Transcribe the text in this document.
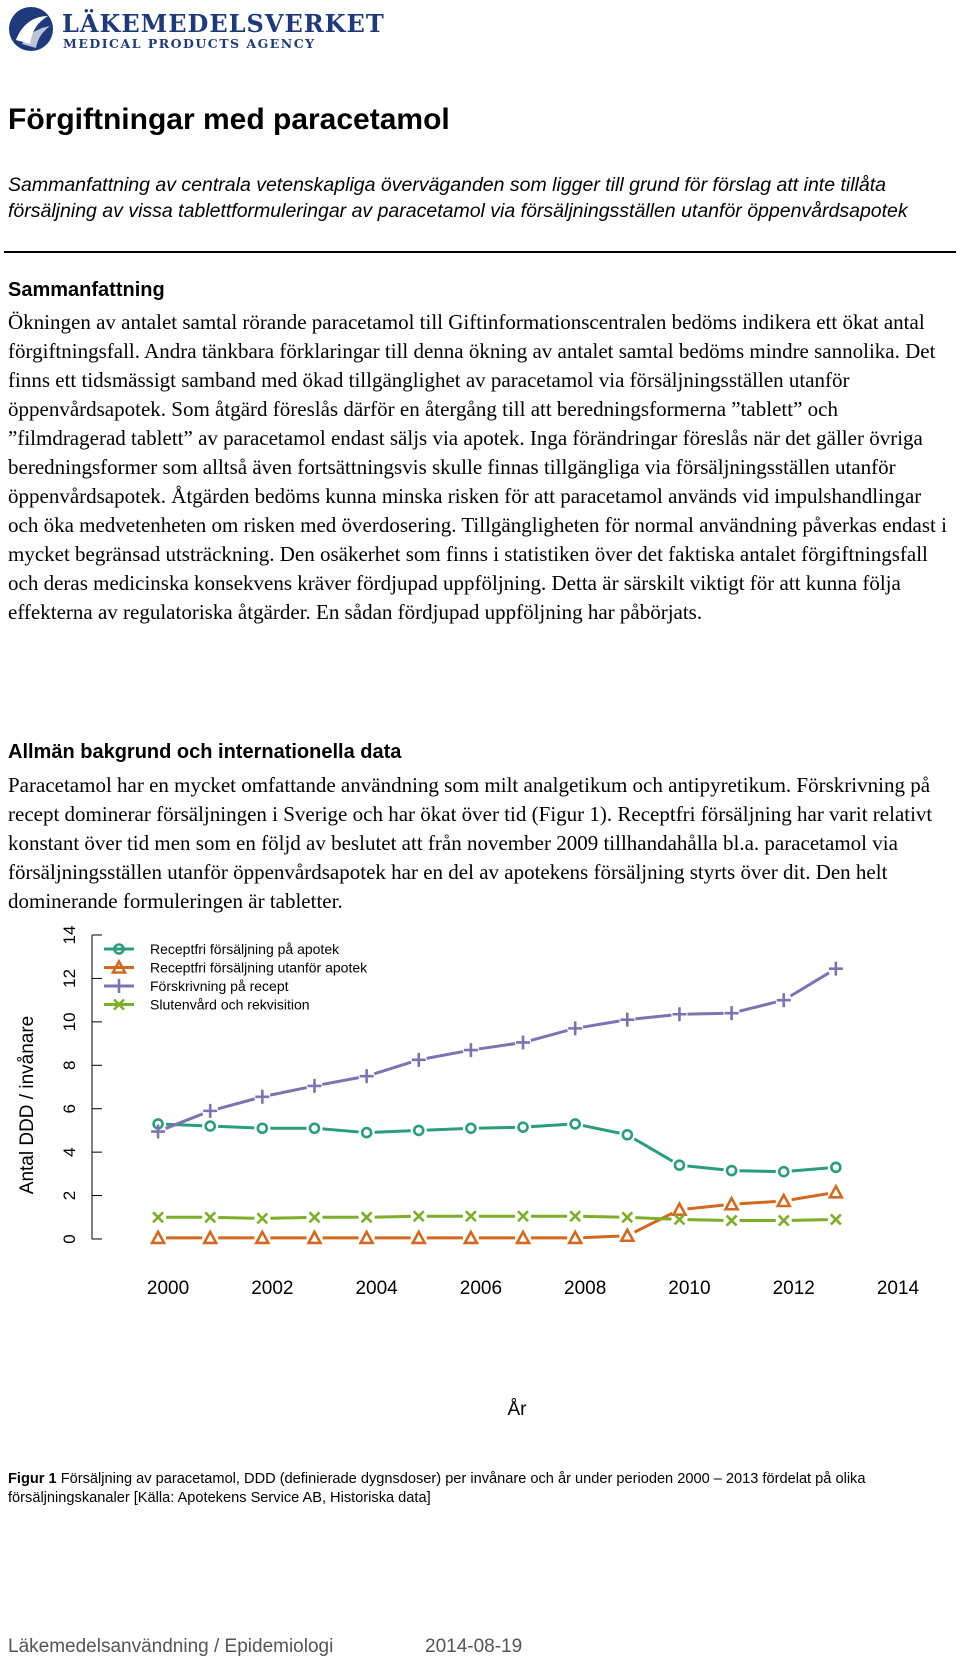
LÄKEMEDELSVERKET
MEDICAL PRODUCTS AGENCY
Förgiftningar med paracetamol

Sammanfattning av centrala vetenskapliga överväganden som ligger till grund för förslag att inte tillåta försäljning av vissa tablettformuleringar av paracetamol via försäljningsställen utanför öppenvårdsapotek

Sammanfattning

Ökningen av antalet samtal rörande paracetamol till Giftinformationscentralen bedöms indikera ett ökat antal förgiftningsfall. Andra tänkbara förklaringar till denna ökning av antalet samtal bedöms mindre sannolika. Det finns ett tidsmässigt samband med ökad tillgänglighet av paracetamol via försäljningsställen utanför öppenvårdsapotek. Som åtgärd föreslås därför en återgång till att beredningsformerna ”tablett” och ”filmdragerad tablett” av paracetamol endast säljs via apotek. Inga förändringar föreslås när det gäller övriga beredningsformer som alltså även fortsättningsvis skulle finnas tillgängliga via försäljningsställen utanför öppenvårdsapotek. Åtgärden bedöms kunna minska risken för att paracetamol används vid impulshandlingar och öka medvetenheten om risken med överdosering. Tillgängligheten för normal användning påverkas endast i mycket begränsad utsträckning. Den osäkerhet som finns i statistiken över det faktiska antalet förgiftningsfall och deras medicinska konsekvens kräver fördjupad uppföljning. Detta är särskilt viktigt för att kunna följa effekterna av regulatoriska åtgärder. En sådan fördjupad uppföljning har påbörjats.

Allmän bakgrund och internationella data

Paracetamol har en mycket omfattande användning som milt analgetikum och antipyretikum. Förskrivning på recept dominerar försäljningen i Sverige och har ökat över tid (Figur 1). Receptfri försäljning har varit relativt konstant över tid men som en följd av beslutet att från november 2009 tillhandahålla bl.a. paracetamol via försäljningsställen utanför öppenvårdsapotek har en del av apotekens försäljning styrts över dit. Den helt dominerande formuleringen är tabletter.

0
2
4
6
8
10
12
14
2000	2002	2004	2006	2008	2010	2012	2014
Receptfri försäljning på apotek
Receptfri försäljning utanför apotek
Förskrivning på recept
Slutenvård och rekvisition
Antal DDD / invånare
År

Figur 1 Försäljning av paracetamol, DDD (definierade dygnsdoser) per invånare och år under perioden 2000 – 2013 fördelat på olika försäljningskanaler [Källa: Apotekens Service AB, Historiska data]

Läkemedelsanvändning / Epidemiologi	2014-08-19
